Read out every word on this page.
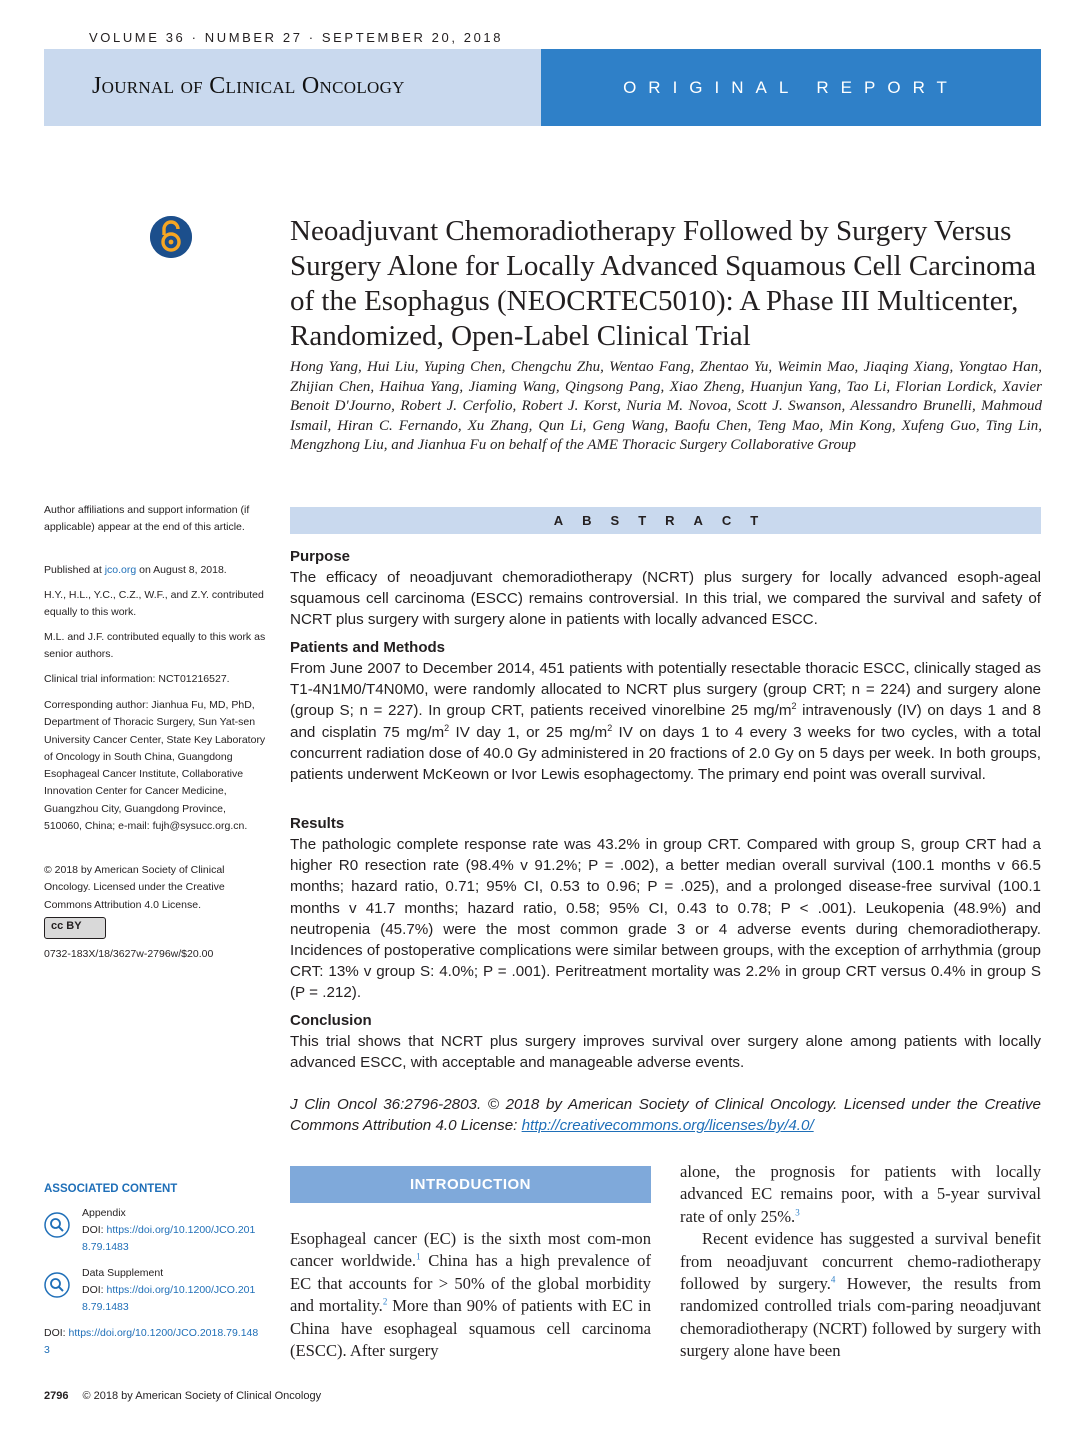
VOLUME 36 · NUMBER 27 · SEPTEMBER 20, 2018
Journal of Clinical Oncology	ORIGINAL REPORT
Neoadjuvant Chemoradiotherapy Followed by Surgery Versus Surgery Alone for Locally Advanced Squamous Cell Carcinoma of the Esophagus (NEOCRTEC5010): A Phase III Multicenter, Randomized, Open-Label Clinical Trial
Hong Yang, Hui Liu, Yuping Chen, Chengchu Zhu, Wentao Fang, Zhentao Yu, Weimin Mao, Jiaqing Xiang, Yongtao Han, Zhijian Chen, Haihua Yang, Jiaming Wang, Qingsong Pang, Xiao Zheng, Huanjun Yang, Tao Li, Florian Lordick, Xavier Benoit D'Journo, Robert J. Cerfolio, Robert J. Korst, Nuria M. Novoa, Scott J. Swanson, Alessandro Brunelli, Mahmoud Ismail, Hiran C. Fernando, Xu Zhang, Qun Li, Geng Wang, Baofu Chen, Teng Mao, Min Kong, Xufeng Guo, Ting Lin, Mengzhong Liu, and Jianhua Fu on behalf of the AME Thoracic Surgery Collaborative Group
Author affiliations and support information (if applicable) appear at the end of this article.
Published at jco.org on August 8, 2018.
H.Y., H.L., Y.C., C.Z., W.F., and Z.Y. contributed equally to this work.
M.L. and J.F. contributed equally to this work as senior authors.
Clinical trial information: NCT01216527.
Corresponding author: Jianhua Fu, MD, PhD, Department of Thoracic Surgery, Sun Yat-sen University Cancer Center, State Key Laboratory of Oncology in South China, Guangdong Esophageal Cancer Institute, Collaborative Innovation Center for Cancer Medicine, Guangzhou City, Guangdong Province, 510060, China; e-mail: fujh@sysucc.org.cn.
© 2018 by American Society of Clinical Oncology. Licensed under the Creative Commons Attribution 4.0 License.
cc BY
0732-183X/18/3627w-2796w/$20.00
ASSOCIATED CONTENT
Appendix
DOI: https://doi.org/10.1200/JCO.2018.79.1483
Data Supplement
DOI: https://doi.org/10.1200/JCO.2018.79.1483
DOI: https://doi.org/10.1200/JCO.2018.79.1483
ABSTRACT
Purpose
The efficacy of neoadjuvant chemoradiotherapy (NCRT) plus surgery for locally advanced esoph-ageal squamous cell carcinoma (ESCC) remains controversial. In this trial, we compared the survival and safety of NCRT plus surgery with surgery alone in patients with locally advanced ESCC.
Patients and Methods
From June 2007 to December 2014, 451 patients with potentially resectable thoracic ESCC, clinically staged as T1-4N1M0/T4N0M0, were randomly allocated to NCRT plus surgery (group CRT; n = 224) and surgery alone (group S; n = 227). In group CRT, patients received vinorelbine 25 $mg/m^2$ intravenously (IV) on days 1 and 8 and cisplatin 75 $mg/m^2$ IV day 1, or 25 $mg/m^2$ IV on days 1 to 4 every 3 weeks for two cycles, with a total concurrent radiation dose of 40.0 Gy administered in 20 fractions of 2.0 Gy on 5 days per week. In both groups, patients underwent McKeown or Ivor Lewis esophagectomy. The primary end point was overall survival.
Results
The pathologic complete response rate was 43.2% in group CRT. Compared with group S, group CRT had a higher R0 resection rate (98.4% v 91.2%; P = .002), a better median overall survival (100.1 months v 66.5 months; hazard ratio, 0.71; 95% CI, 0.53 to 0.96; P = .025), and a prolonged disease-free survival (100.1 months v 41.7 months; hazard ratio, 0.58; 95% CI, 0.43 to 0.78; P < .001). Leukopenia (48.9%) and neutropenia (45.7%) were the most common grade 3 or 4 adverse events during chemoradiotherapy. Incidences of postoperative complications were similar between groups, with the exception of arrhythmia (group CRT: 13% v group S: 4.0%; P = .001). Peritreatment mortality was 2.2% in group CRT versus 0.4% in group S (P = .212).
Conclusion
This trial shows that NCRT plus surgery improves survival over surgery alone among patients with locally advanced ESCC, with acceptable and manageable adverse events.
J Clin Oncol 36:2796-2803. © 2018 by American Society of Clinical Oncology. Licensed under the Creative Commons Attribution 4.0 License: http://creativecommons.org/licenses/by/4.0/
INTRODUCTION
Esophageal cancer (EC) is the sixth most com-mon cancer worldwide.$^1$ China has a high prevalence of EC that accounts for > 50% of the global morbidity and mortality.$^2$ More than 90% of patients with EC in China have esophageal squamous cell carcinoma (ESCC). After surgery
alone, the prognosis for patients with locally advanced EC remains poor, with a 5-year survival rate of only 25%.$^3$
Recent evidence has suggested a survival benefit from neoadjuvant concurrent chemo-radiotherapy followed by surgery.$^4$ However, the results from randomized controlled trials com-paring neoadjuvant chemoradiotherapy (NCRT) followed by surgery with surgery alone have been
2796 © 2018 by American Society of Clinical Oncology
